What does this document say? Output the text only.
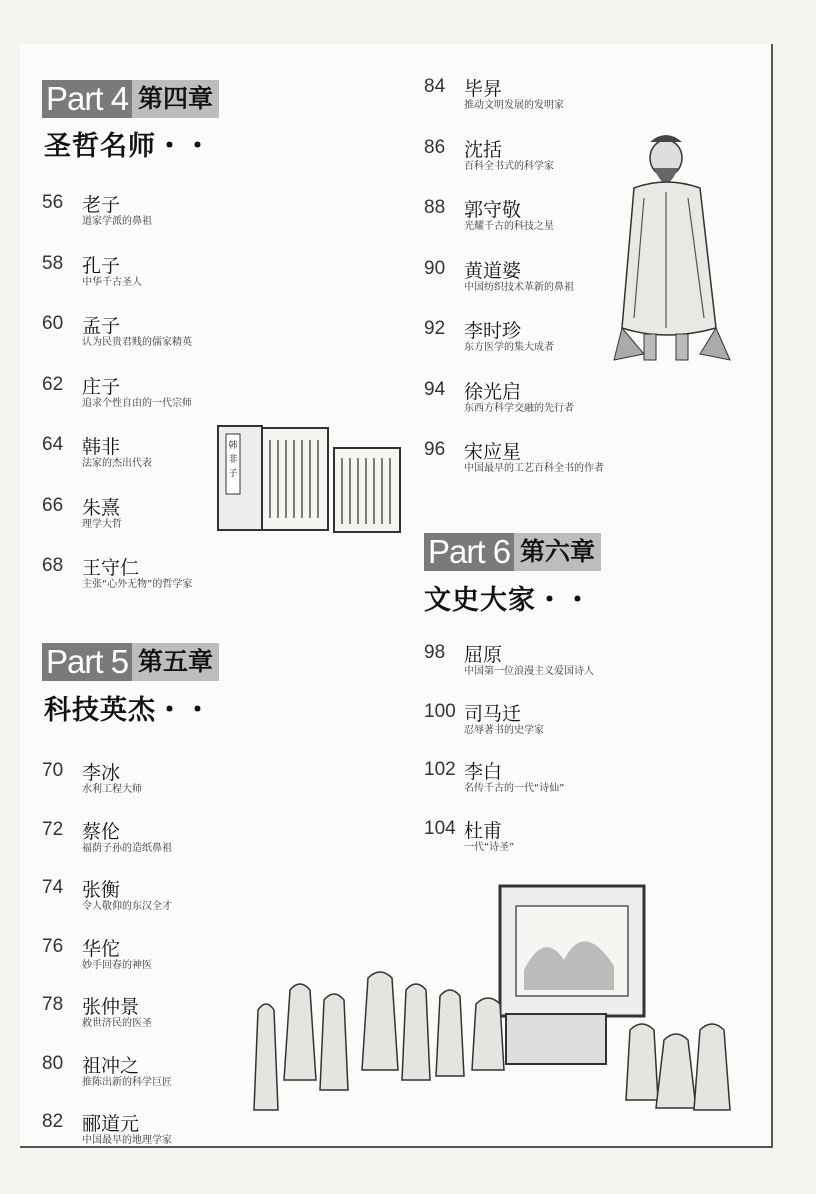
Part 4 第四章
圣哲名师・・
56 老子
道家学派的鼻祖
58 孔子
中华千古圣人
60 孟子
认为民贵君贱的儒家精英
62 庄子
追求个性自由的一代宗师
64 韩非
法家的杰出代表
66 朱熹
理学大哲
68 王守仁
主张“心外无物”的哲学家
Part 5 第五章
科技英杰・・
70 李冰
水利工程大师
72 蔡伦
福荫子孙的造纸鼻祖
74 张衡
令人敬仰的东汉全才
76 华佗
妙手回春的神医
78 张仲景
救世济民的医圣
80 祖冲之
推陈出新的科学巨匠
82 郦道元
中国最早的地理学家
84 毕昇
推动文明发展的发明家
86 沈括
百科全书式的科学家
88 郭守敬
光耀千古的科技之星
90 黄道婆
中国纺织技术革新的鼻祖
92 李时珍
东方医学的集大成者
94 徐光启
东西方科学交融的先行者
96 宋应星
中国最早的工艺百科全书的作者
Part 6 第六章
文史大家・・
98 屈原
中国第一位浪漫主义爱国诗人
100 司马迁
忍辱著书的史学家
102 李白
名传千古的一代“诗仙”
104 杜甫
一代“诗圣”
韩
非
子
